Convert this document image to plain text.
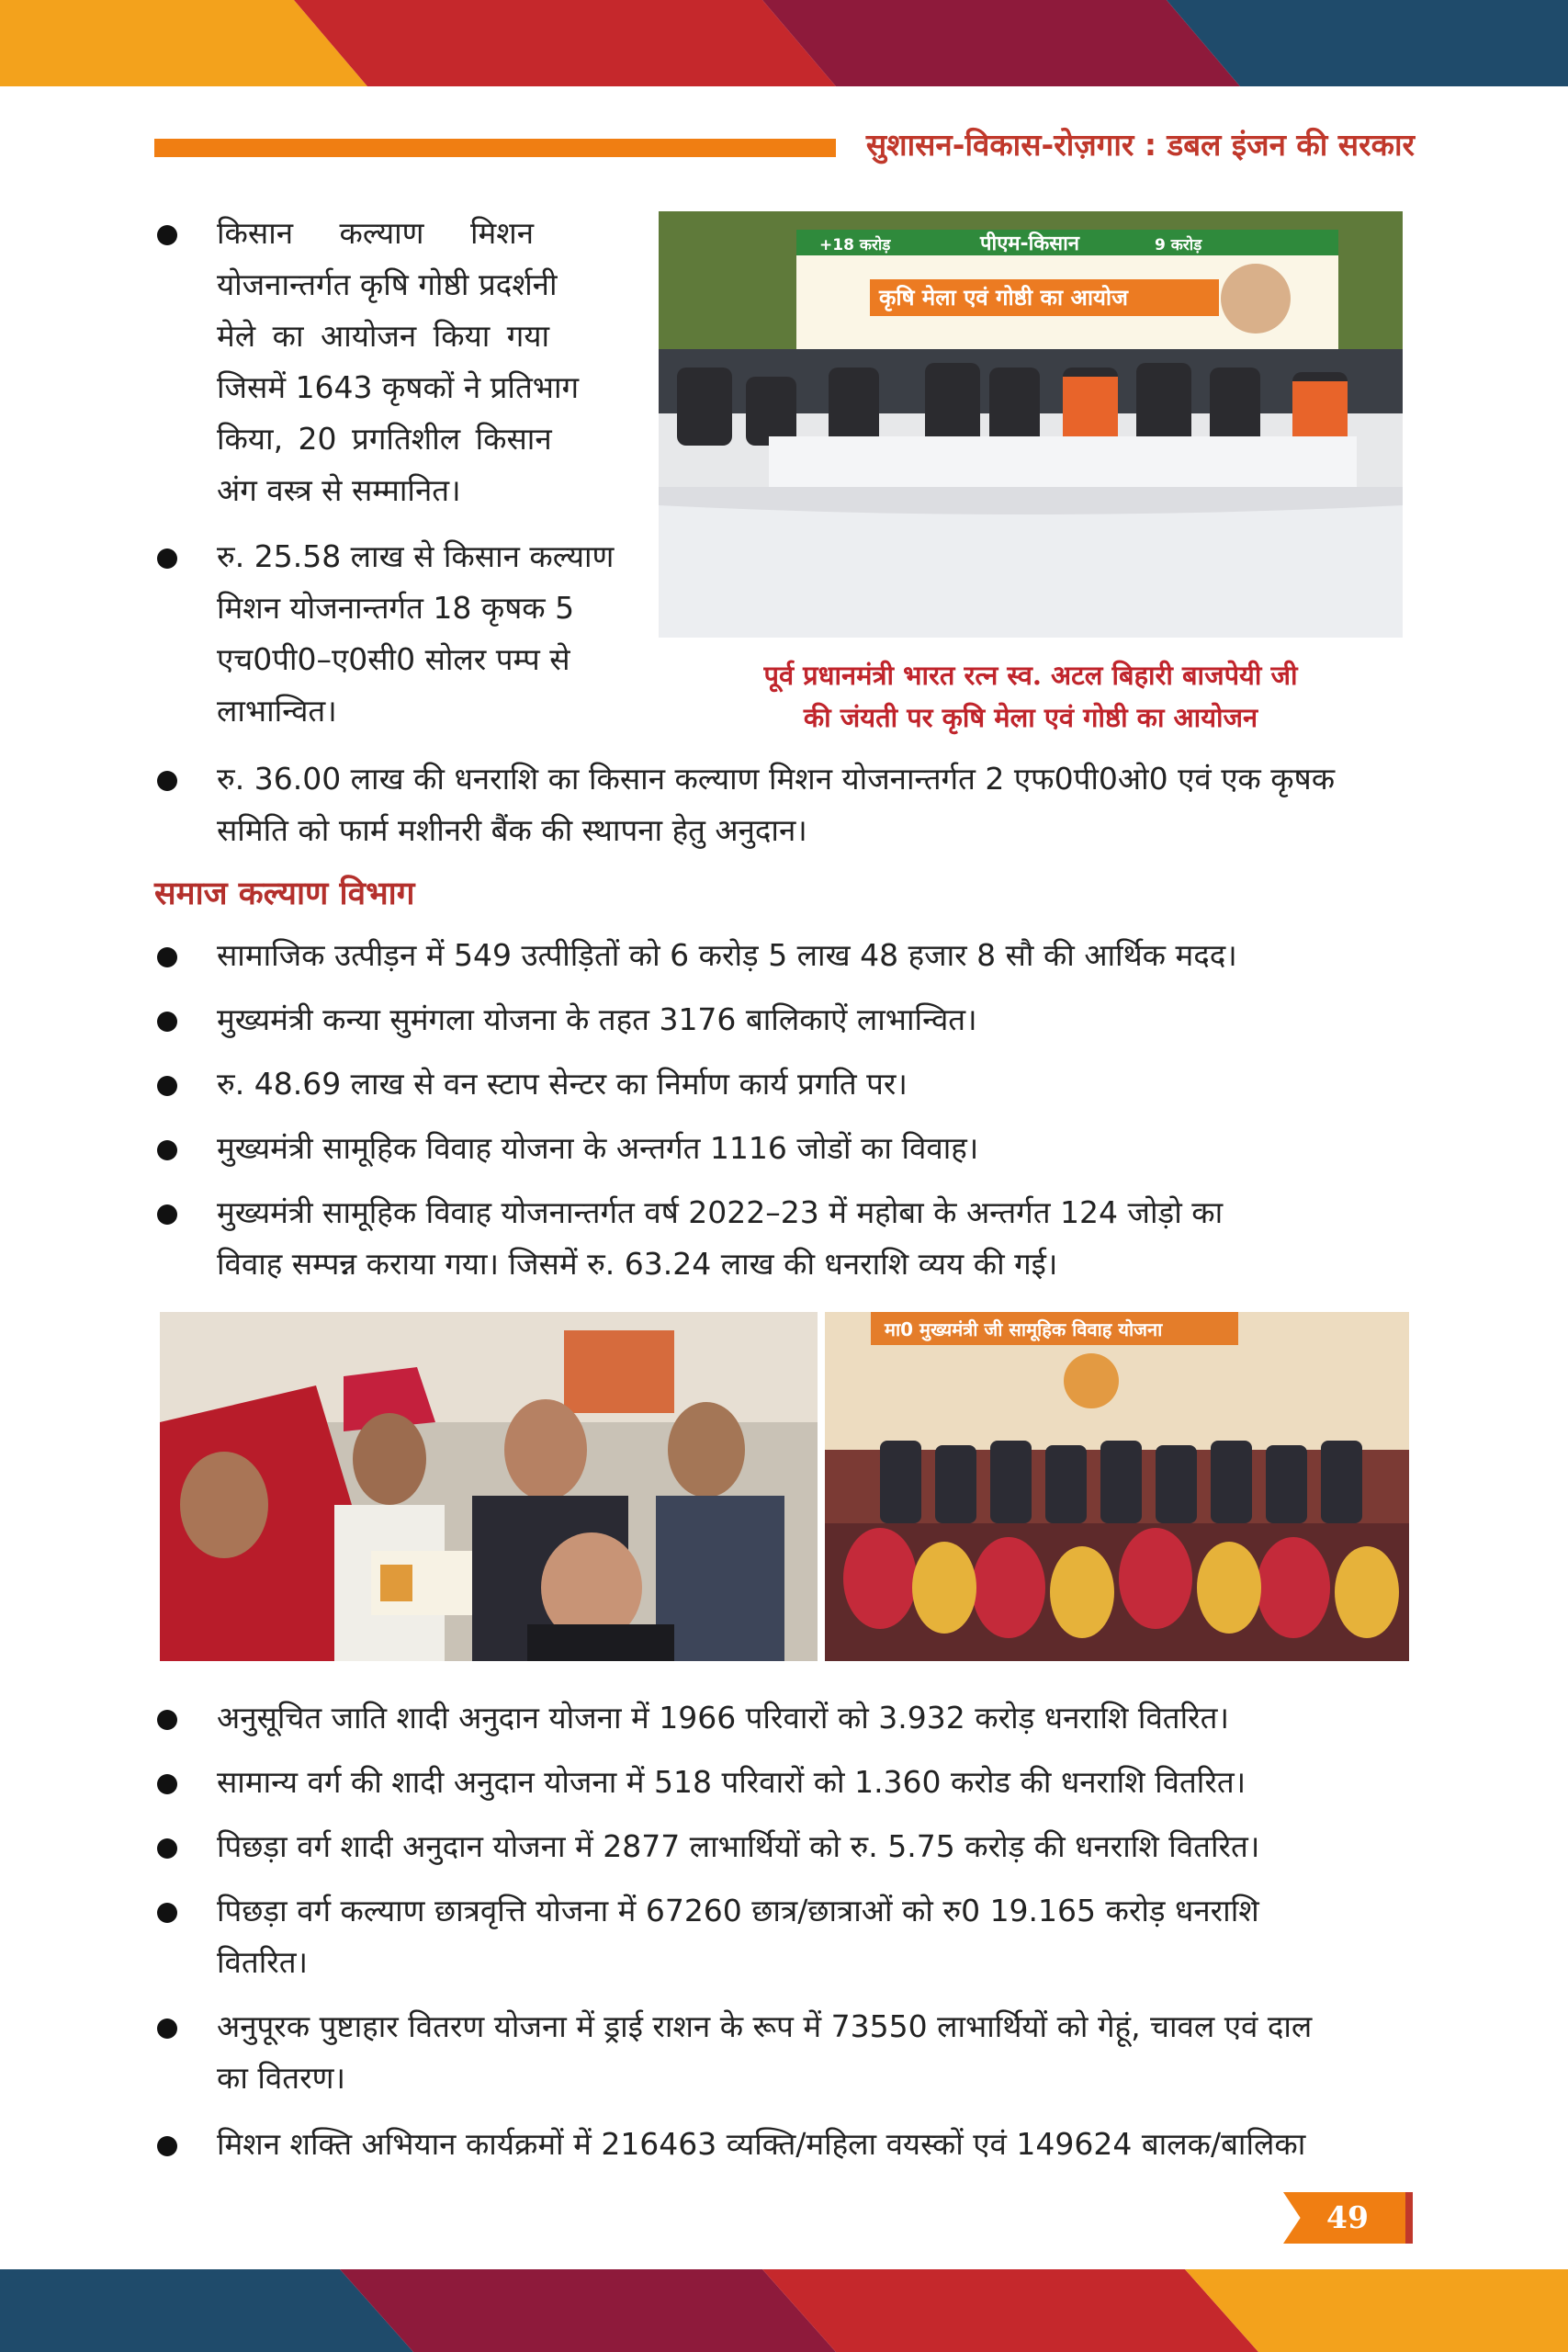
सुशासन-विकास-रोज़गार : डबल इंजन की सरकार
किसान कल्याण मिशन
योजनान्तर्गत कृषि गोष्ठी प्रदर्शनी
मेले का आयोजन किया गया
जिसमें 1643 कृषकों ने प्रतिभाग
किया, 20 प्रगतिशील किसान
अंग वस्त्र से सम्मानित।
रु. 25.58 लाख से किसान कल्याण
मिशन योजनान्तर्गत 18 कृषक 5
एच0पी0–ए0सी0 सोलर पम्प से
लाभान्वित।
+18 करोड़	पीएम-किसान	9 करोड़
कृषि मेला एवं गोष्ठी का आयोज
पूर्व प्रधानमंत्री भारत रत्न स्व. अटल बिहारी बाजपेयी जी
की जंयती पर कृषि मेला एवं गोष्ठी का आयोजन
रु. 36.00 लाख की धनराशि का किसान कल्याण मिशन योजनान्तर्गत 2 एफ0पी0ओ0 एवं एक कृषक
समिति को फार्म मशीनरी बैंक की स्थापना हेतु अनुदान।
समाज कल्याण विभाग
सामाजिक उत्पीड़न में 549 उत्पीड़ितों को 6 करोड़ 5 लाख 48 हजार 8 सौ की आर्थिक मदद।
मुख्यमंत्री कन्या सुमंगला योजना के तहत 3176 बालिकाऐं लाभान्वित।
रु. 48.69 लाख से वन स्टाप सेन्टर का निर्माण कार्य प्रगति पर।
मुख्यमंत्री सामूहिक विवाह योजना के अन्तर्गत 1116 जोडों का विवाह।
मुख्यमंत्री सामूहिक विवाह योजनान्तर्गत वर्ष 2022–23 में महोबा के अन्तर्गत 124 जोड़ो का
विवाह सम्पन्न कराया गया। जिसमें रु. 63.24 लाख की धनराशि व्यय की गई।
मा0 मुख्यमंत्री जी सामूहिक विवाह योजना
अनुसूचित जाति शादी अनुदान योजना में 1966 परिवारों को 3.932 करोड़ धनराशि वितरित।
सामान्य वर्ग की शादी अनुदान योजना में 518 परिवारों को 1.360 करोड की धनराशि वितरित।
पिछड़ा वर्ग शादी अनुदान योजना में 2877 लाभार्थियों को रु. 5.75 करोड़ की धनराशि वितरित।
पिछड़ा वर्ग कल्याण छात्रवृत्ति योजना में 67260 छात्र/छात्राओं को रु0 19.165 करोड़ धनराशि
वितरित।
अनुपूरक पुष्टाहार वितरण योजना में ड्राई राशन के रूप में 73550 लाभार्थियों को गेहूं, चावल एवं दाल
का वितरण।
मिशन शक्ति अभियान कार्यक्रमों में 216463 व्यक्ति/महिला वयस्कों एवं 149624 बालक/बालिका
49
